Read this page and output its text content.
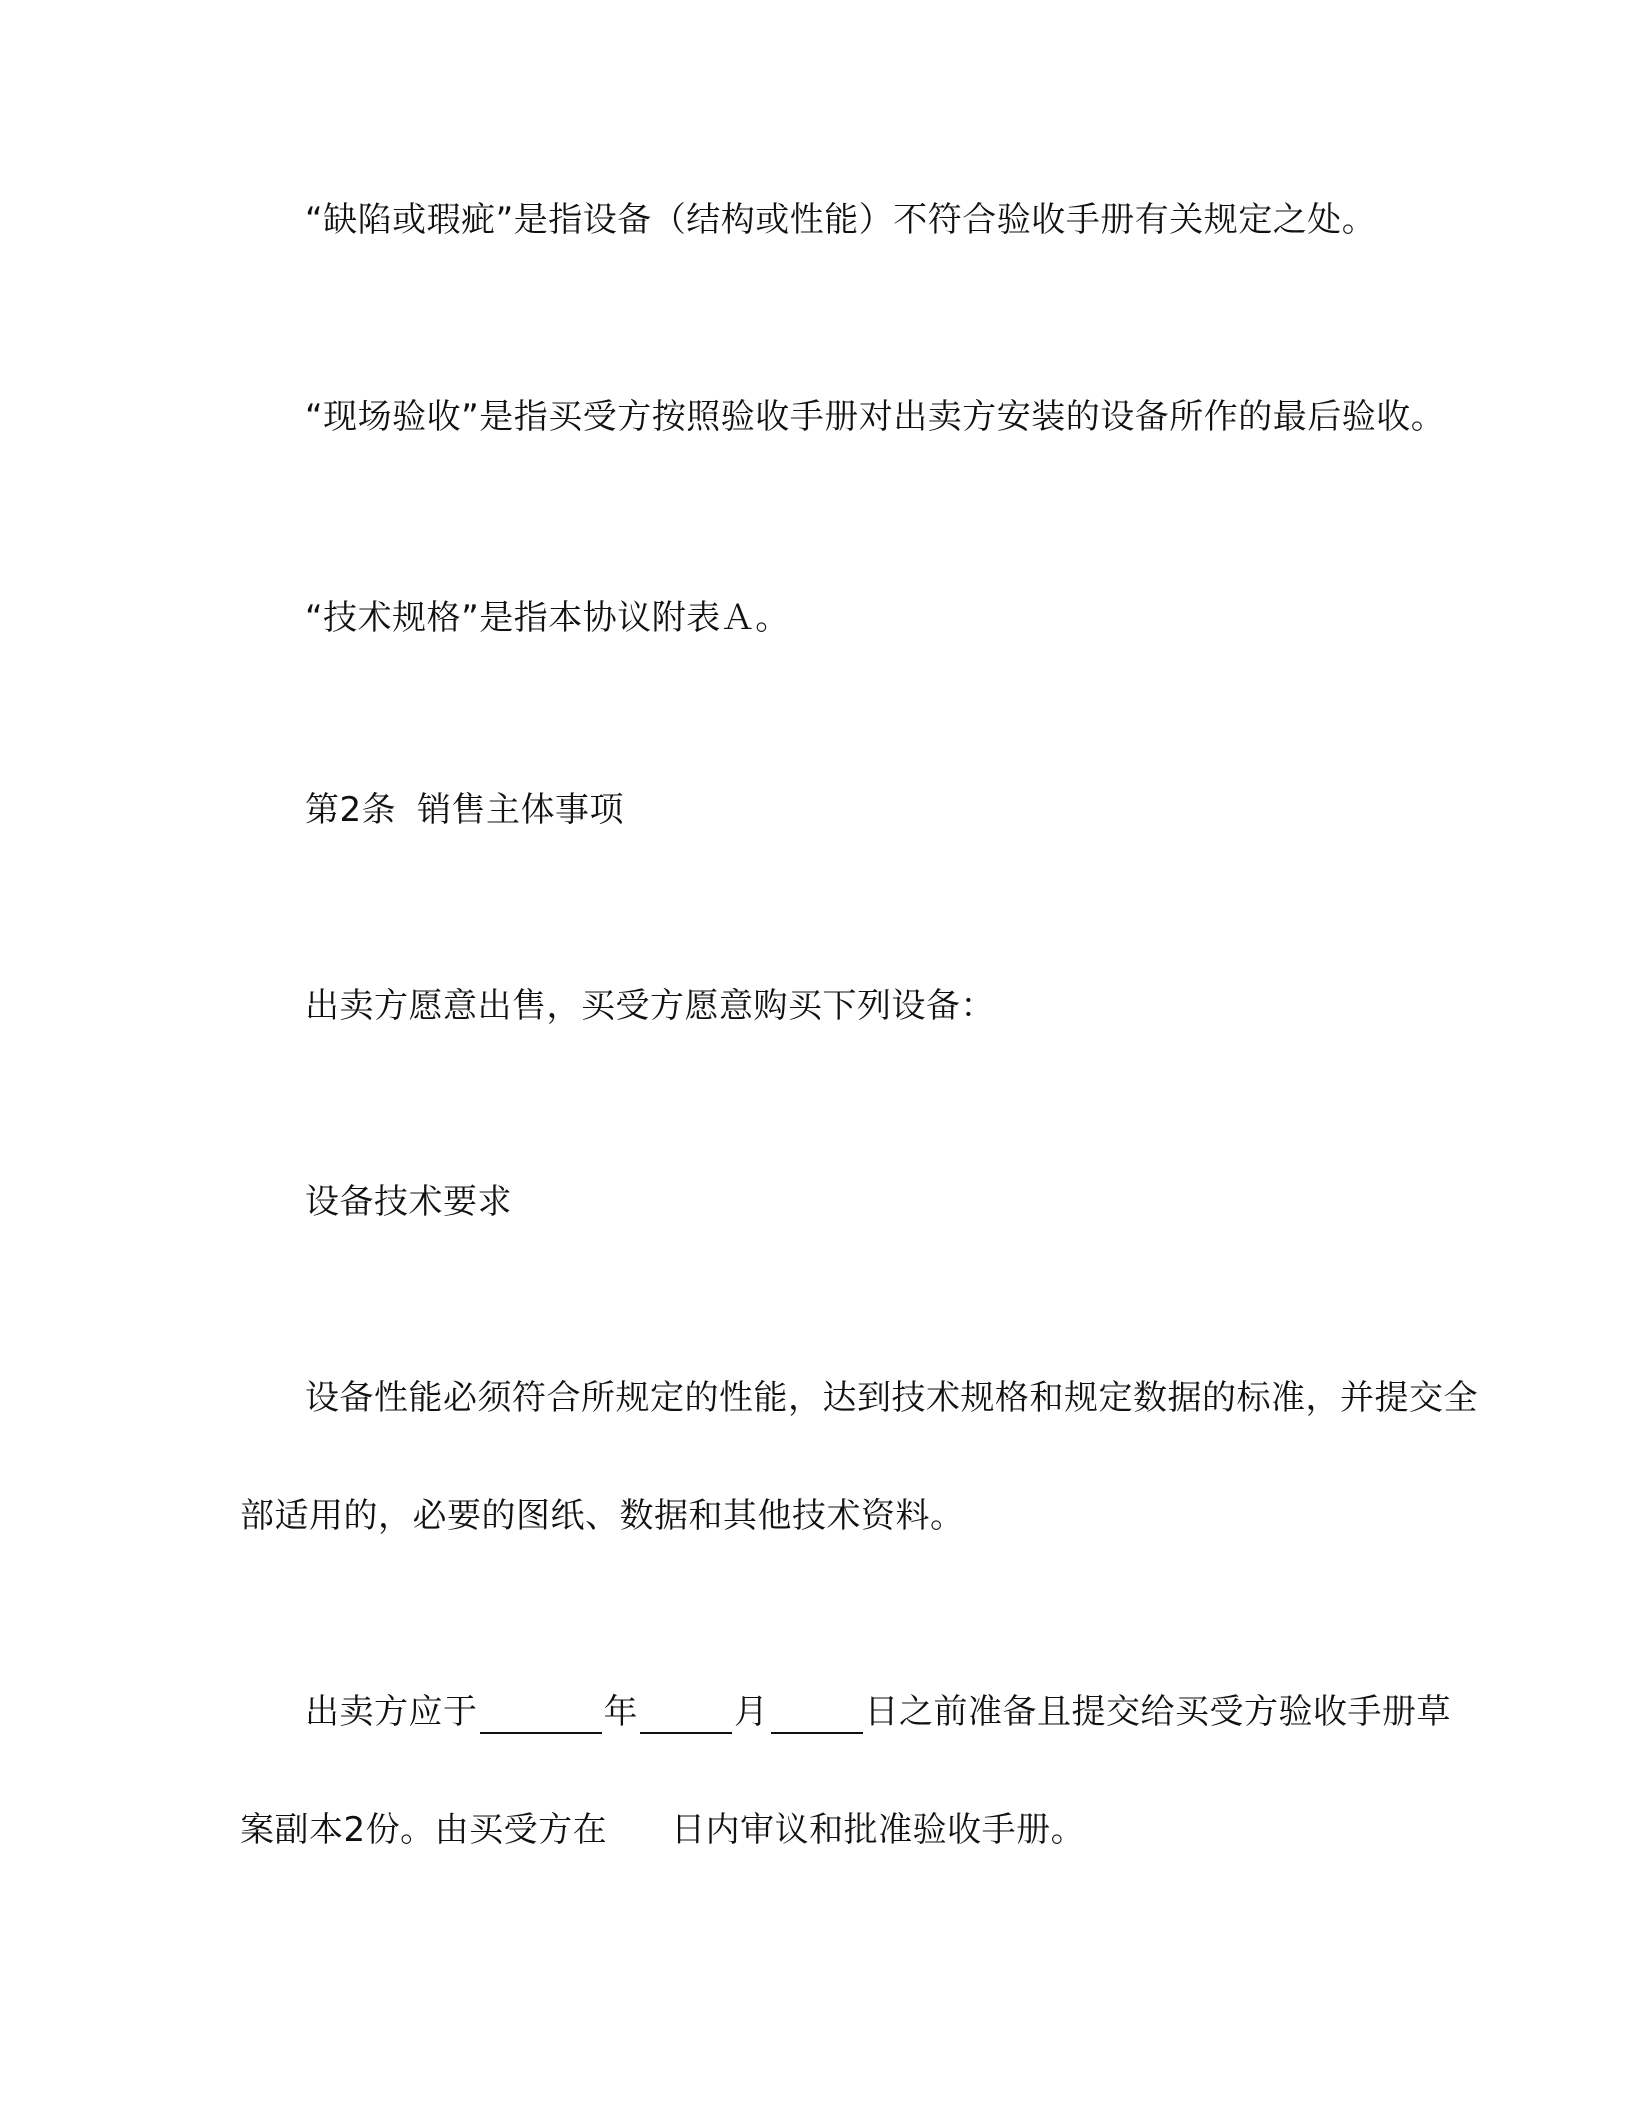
“缺陷或瑕疵”是指设备（结构或性能）不符合验收手册有关规定之处。
“现场验收”是指买受方按照验收手册对出卖方安装的设备所作的最后验收。
“技术规格”是指本协议附表Ａ。
第2条 销售主体事项
出卖方愿意出售，买受方愿意购买下列设备：
设备技术要求
设备性能必须符合所规定的性能，达到技术规格和规定数据的标准，并提交全
部适用的，必要的图纸、数据和其他技术资料。
出卖方应于	年	月	日之前准备且提交给买受方验收手册草
案副本2份。由买受方在 日内审议和批准验收手册。
